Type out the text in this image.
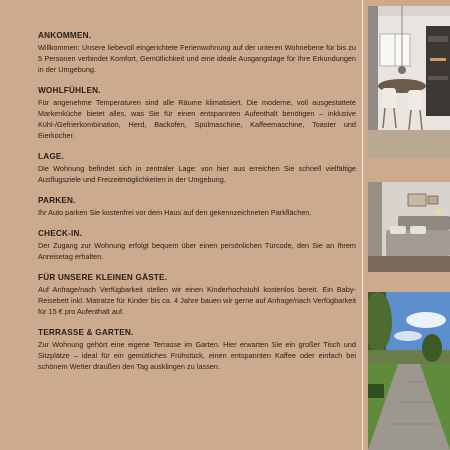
ANKOMMEN.

Willkommen: Unsere liebevoll eingerichtete Ferienwohnung auf der unteren Wohnebene für bis zu 5 Personen verbindet Komfort, Gemütlichkeit und eine ideale Ausgangslage für Ihre Erkundungen in der Umgebung.

WOHLFÜHLEN.

Für angenehme Temperaturen sind alle Räume klimatisiert. Die moderne, voll ausgestattete Markenküche bietet alles, was Sie für einen entspannten Aufenthalt benötigen – inklusive Kühl-/Gefrierkombination, Herd, Backofen, Spülmaschine, Kaffeemaschine, Toaster und Eierkocher.

LAGE.

Die Wohnung befindet sich in zentraler Lage: von hier aus erreichen Sie schnell vielfältige Ausflugsziele und Freizeitmöglichkeiten in der Umgebung.

PARKEN.

Ihr Auto parken Sie kostenfrei vor dem Haus auf den gekennzeichneten Parkflächen.

CHECK-IN.

Der Zugang zur Wohnung erfolgt bequem über einen persönlichen Türcode, den Sie an Ihrem Anreisetag erhalten.

FÜR UNSERE KLEINEN GÄSTE.

Auf Anfrage/nach Verfügbarkeit stellen wir einen Kinderhochstuhl kostenlos bereit. Ein Baby-Reisebett inkl. Matratze für Kinder bis ca. 4 Jahre bauen wir gerne auf Anfrage/nach Verfügbarkeit für 15 € pro Aufenthalt auf.

TERRASSE & GARTEN.

Zur Wohnung gehört eine eigene Terrasse im Garten. Hier erwarten Sie ein großer Tisch und Sitzplätze – ideal für ein gemütliches Frühstück, einen entspannten Kaffee oder einfach bei schönem Wetter draußen den Tag ausklingen zu lassen.
